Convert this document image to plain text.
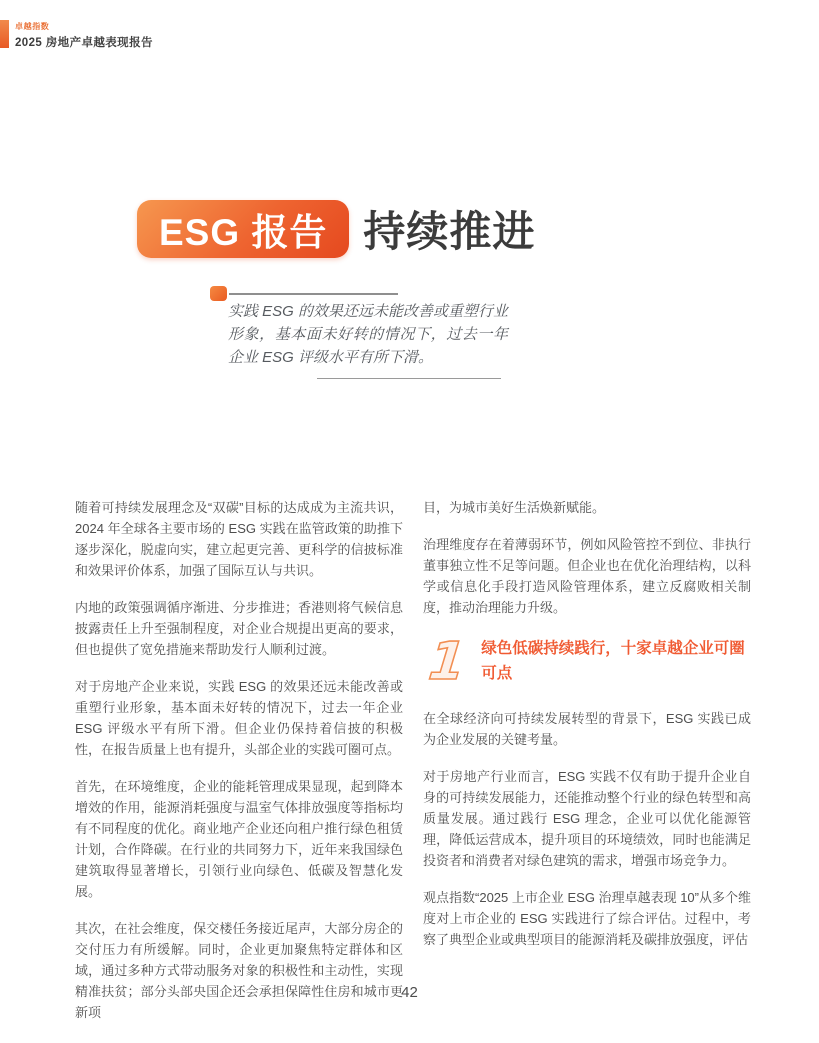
卓越指数
2025 房地产卓越表现报告
ESG 报告 持续推进

实践 ESG 的效果还远未能改善或重塑行业形象，基本面未好转的情况下，过去一年企业 ESG 评级水平有所下滑。

随着可持续发展理念及“双碳”目标的达成成为主流共识，2024 年全球各主要市场的 ESG 实践在监管政策的助推下逐步深化，脱虚向实，建立起更完善、更科学的信披标准和效果评价体系，加强了国际互认与共识。

内地的政策强调循序渐进、分步推进；香港则将气候信息披露责任上升至强制程度，对企业合规提出更高的要求，但也提供了宽免措施来帮助发行人顺利过渡。

对于房地产企业来说，实践 ESG 的效果还远未能改善或重塑行业形象，基本面未好转的情况下，过去一年企业 ESG 评级水平有所下滑。但企业仍保持着信披的积极性，在报告质量上也有提升，头部企业的实践可圈可点。

首先，在环境维度，企业的能耗管理成果显现，起到降本增效的作用，能源消耗强度与温室气体排放强度等指标均有不同程度的优化。商业地产企业还向租户推行绿色租赁计划，合作降碳。在行业的共同努力下，近年来我国绿色建筑取得显著增长，引领行业向绿色、低碳及智慧化发展。

其次，在社会维度，保交楼任务接近尾声，大部分房企的交付压力有所缓解。同时，企业更加聚焦特定群体和区域，通过多种方式带动服务对象的积极性和主动性，实现精准扶贫；部分头部央国企还会承担保障性住房和城市更新项

目，为城市美好生活焕新赋能。

治理维度存在着薄弱环节，例如风险管控不到位、非执行董事独立性不足等问题。但企业也在优化治理结构，以科学或信息化手段打造风险管理体系，建立反腐败相关制度，推动治理能力升级。

1 绿色低碳持续践行，十家卓越企业可圈可点

在全球经济向可持续发展转型的背景下，ESG 实践已成为企业发展的关键考量。

对于房地产行业而言，ESG 实践不仅有助于提升企业自身的可持续发展能力，还能推动整个行业的绿色转型和高质量发展。通过践行 ESG 理念，企业可以优化能源管理，降低运营成本，提升项目的环境绩效，同时也能满足投资者和消费者对绿色建筑的需求，增强市场竞争力。

观点指数“2025 上市企业 ESG 治理卓越表现 10”从多个维度对上市企业的 ESG 实践进行了综合评估。过程中，考察了典型企业或典型项目的能源消耗及碳排放强度，评估

42
